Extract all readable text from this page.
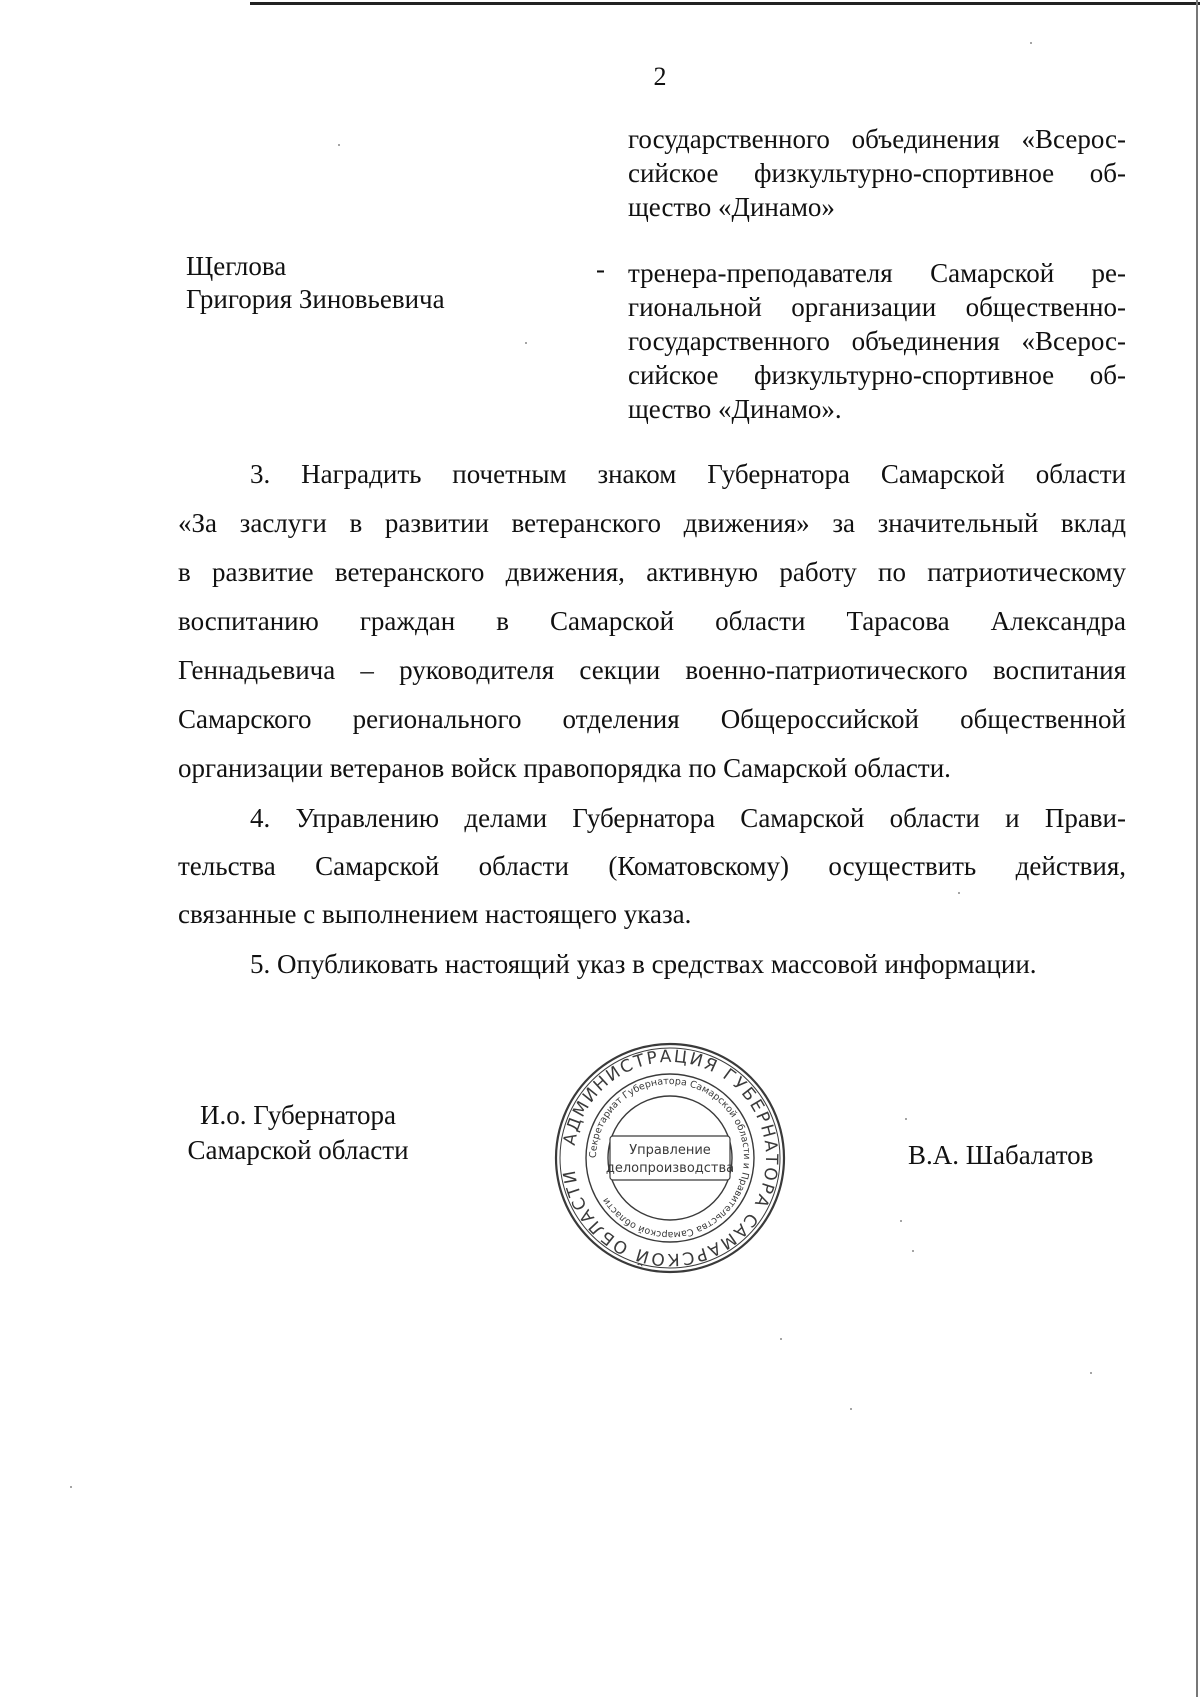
2
государственного объединения «Всерос-
сийское физкультурно-спортивное об-
щество «Динамо»
Щеглова
Григория Зиновьевича
- тренера-преподавателя Самарской ре-
гиональной организации общественно-
государственного объединения «Всерос-
сийское физкультурно-спортивное об-
щество «Динамо».
3. Наградить почетным знаком Губернатора Самарской области
«За заслуги в развитии ветеранского движения» за значительный вклад
в развитие ветеранского движения, активную работу по патриотическому
воспитанию граждан в Самарской области Тарасова Александра
Геннадьевича – руководителя секции военно-патриотического воспитания
Самарского регионального отделения Общероссийской общественной
организации ветеранов войск правопорядка по Самарской области.
4. Управлению делами Губернатора Самарской области и Прави-
тельства Самарской области (Коматовскому) осуществить действия,
связанные с выполнением настоящего указа.
5. Опубликовать настоящий указ в средствах массовой информации.
И.о. Губернатора
Самарской области	В.А. Шабалатов
АДМИНИСТРАЦИЯ ГУБЕРНАТОРА САМАРСКОЙ ОБЛАСТИ
Секретариат Губернатора Самарской области и Правительства Самарской области
Управление
делопроизводства
